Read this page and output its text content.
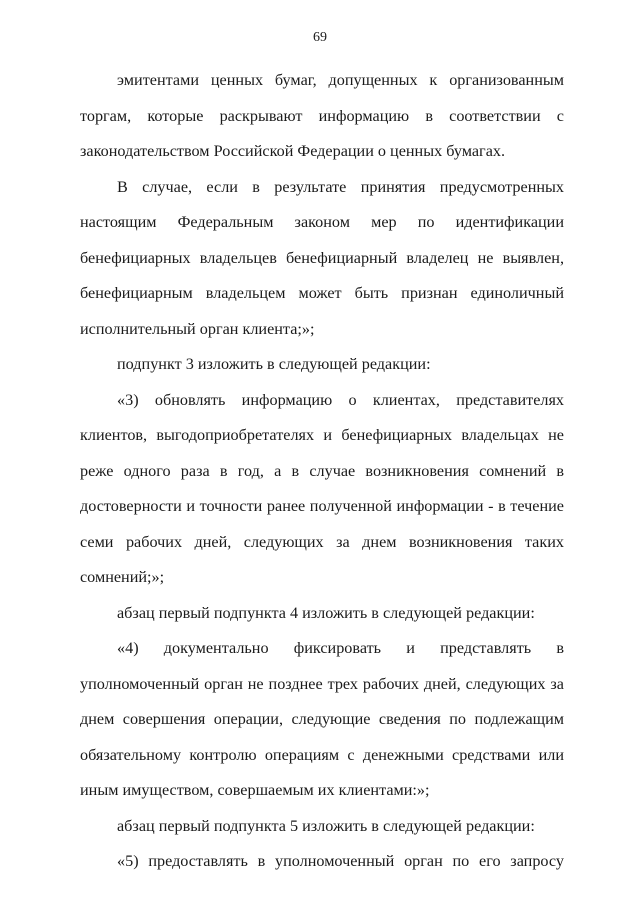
69

эмитентами ценных бумаг, допущенных к организованным торгам, которые раскрывают информацию в соответствии с законодательством Российской Федерации о ценных бумагах.

В случае, если в результате принятия предусмотренных настоящим Федеральным законом мер по идентификации бенефициарных владельцев бенефициарный владелец не выявлен, бенефициарным владельцем может быть признан единоличный исполнительный орган клиента;»;

подпункт 3 изложить в следующей редакции:

«3) обновлять информацию о клиентах, представителях клиентов, выгодоприобретателях и бенефициарных владельцах не реже одного раза в год, а в случае возникновения сомнений в достоверности и точности ранее полученной информации - в течение семи рабочих дней, следующих за днем возникновения таких сомнений;»;

абзац первый подпункта 4 изложить в следующей редакции:

«4) документально фиксировать и представлять в уполномоченный орган не позднее трех рабочих дней, следующих за днем совершения операции, следующие сведения по подлежащим обязательному контролю операциям с денежными средствами или иным имуществом, совершаемым их клиентами:»;

абзац первый подпункта 5 изложить в следующей редакции:

«5) предоставлять в уполномоченный орган по его запросу
